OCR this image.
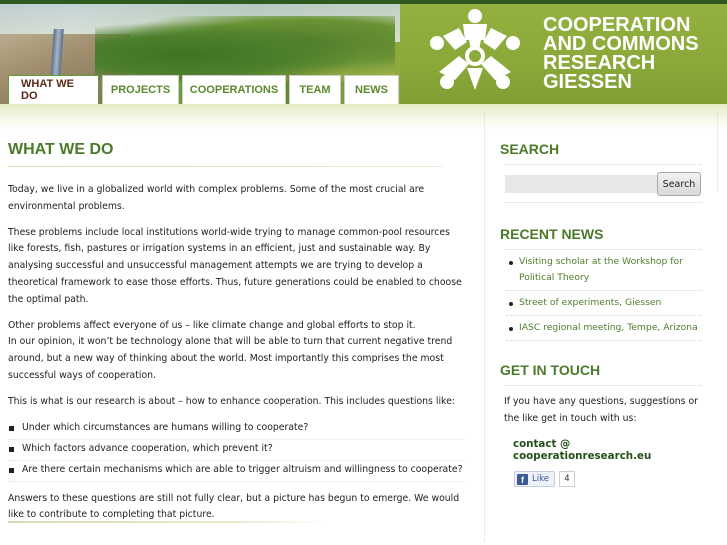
COOPERATION
AND COMMONS
RESEARCH
GIESSEN
WHAT WE DO	PROJECTS	COOPERATIONS	TEAM	NEWS
WHAT WE DO

Today, we live in a globalized world with complex problems. Some of the most crucial are environmental problems.

These problems include local institutions world-wide trying to manage common-pool resources like forests, fish, pastures or irrigation systems in an efficient, just and sustainable way. By analysing successful and unsuccessful management attempts we are trying to develop a theoretical framework to ease those efforts. Thus, future generations could be enabled to choose the optimal path.

Other problems affect everyone of us – like climate change and global efforts to stop it.
In our opinion, it won’t be technology alone that will be able to turn that current negative trend around, but a new way of thinking about the world. Most importantly this comprises the most successful ways of cooperation.

This is what is our research is about – how to enhance cooperation. This includes questions like:

Under which circumstances are humans willing to cooperate?
Which factors advance cooperation, which prevent it?
Are there certain mechanisms which are able to trigger altruism and willingness to cooperate?

Answers to these questions are still not fully clear, but a picture has begun to emerge. We would like to contribute to completing that picture.

SEARCH
Search
RECENT NEWS
Visiting scholar at the Workshop for Political Theory
Street of experiments, Giessen
IASC regional meeting, Tempe, Arizona
GET IN TOUCH
If you have any questions, suggestions or the like get in touch with us:
contact @ cooperationresearch.eu
f Like	4
